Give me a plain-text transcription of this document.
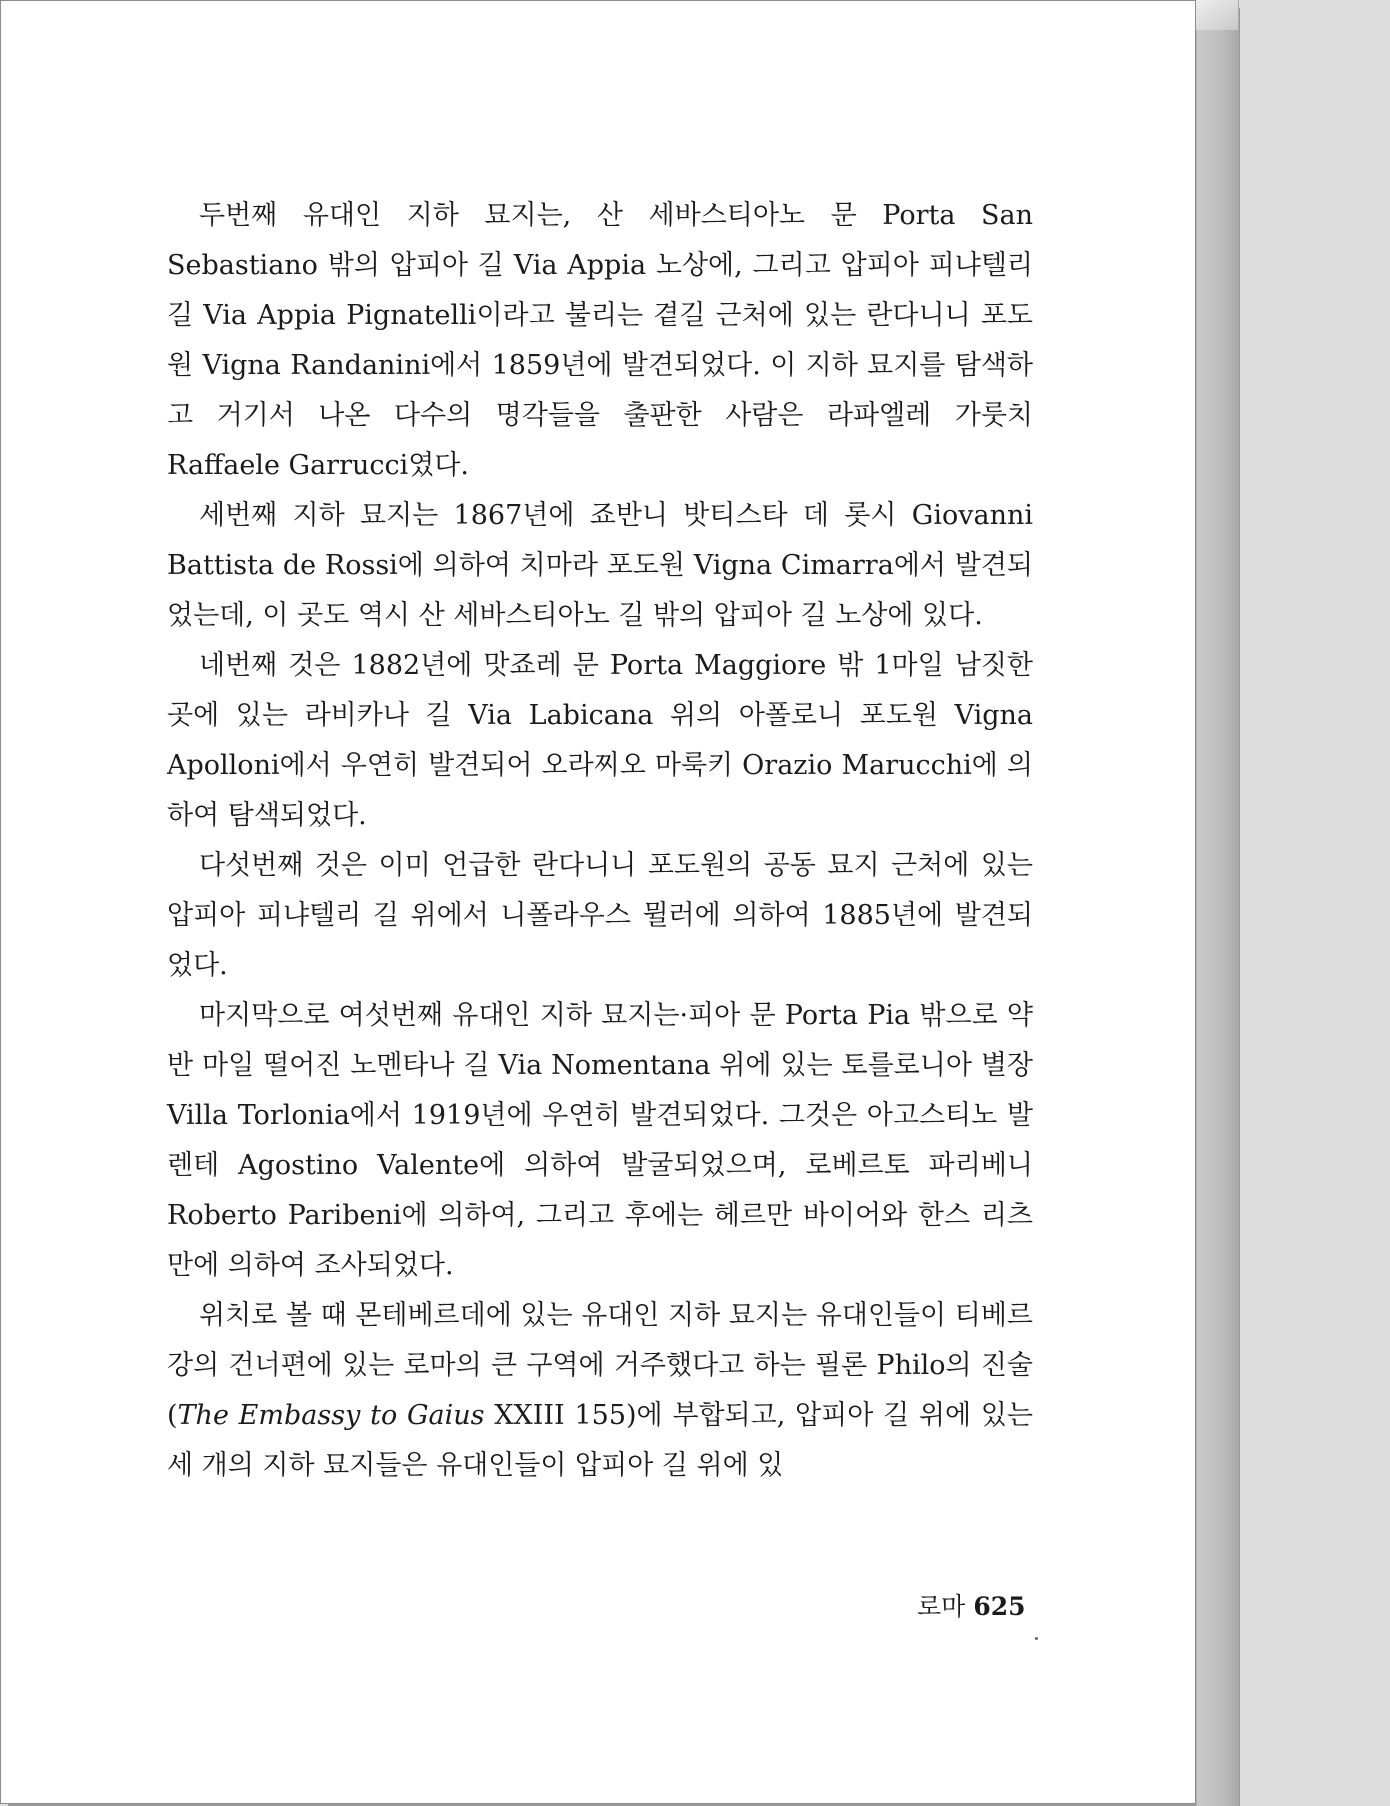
두번째 유대인 지하 묘지는, 산 세바스티아노 문 Porta San Sebastiano 밖의 압피아 길 Via Appia 노상에, 그리고 압피아 피냐텔리 길 Via Appia Pignatelli이라고 불리는 곁길 근처에 있는 란다니니 포도원 Vigna Randanini에서 1859년에 발견되었다. 이 지하 묘지를 탐색하고 거기서 나온 다수의 명각들을 출판한 사람은 라파엘레 가룻치 Raffaele Garrucci였다.

세번째 지하 묘지는 1867년에 죠반니 밧티스타 데 롯시 Giovanni Battista de Rossi에 의하여 치마라 포도원 Vigna Cimarra에서 발견되었는데, 이 곳도 역시 산 세바스티아노 길 밖의 압피아 길 노상에 있다.

네번째 것은 1882년에 맛죠레 문 Porta Maggiore 밖 1마일 남짓한 곳에 있는 라비카나 길 Via Labicana 위의 아폴로니 포도원 Vigna Apolloni에서 우연히 발견되어 오라찌오 마룩키 Orazio Marucchi에 의하여 탐색되었다.

다섯번째 것은 이미 언급한 란다니니 포도원의 공동 묘지 근처에 있는 압피아 피냐텔리 길 위에서 니폴라우스 뮐러에 의하여 1885년에 발견되었다.

마지막으로 여섯번째 유대인 지하 묘지는·피아 문 Porta Pia 밖으로 약 반 마일 떨어진 노멘타나 길 Via Nomentana 위에 있는 토를로니아 별장 Villa Torlonia에서 1919년에 우연히 발견되었다. 그것은 아고스티노 발렌테 Agostino Valente에 의하여 발굴되었으며, 로베르토 파리베니 Roberto Paribeni에 의하여, 그리고 후에는 헤르만 바이어와 한스 리츠만에 의하여 조사되었다.

위치로 볼 때 몬테베르데에 있는 유대인 지하 묘지는 유대인들이 티베르 강의 건너편에 있는 로마의 큰 구역에 거주했다고 하는 필론 Philo의 진술(The Embassy to Gaius XXIII 155)에 부합되고, 압피아 길 위에 있는 세 개의 지하 묘지들은 유대인들이 압피아 길 위에 있

로마 625
